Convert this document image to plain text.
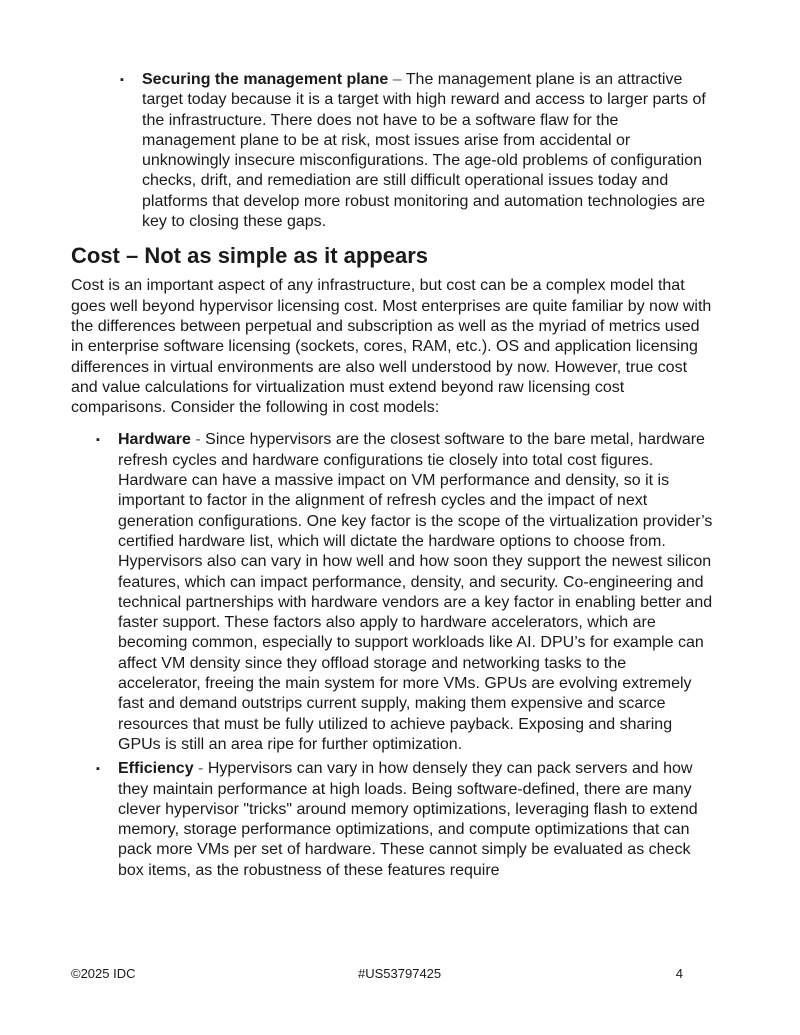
▪ Securing the management plane – The management plane is an attractive target today because it is a target with high reward and access to larger parts of the infrastructure. There does not have to be a software flaw for the management plane to be at risk, most issues arise from accidental or unknowingly insecure misconfigurations. The age-old problems of configuration checks, drift, and remediation are still difficult operational issues today and platforms that develop more robust monitoring and automation technologies are key to closing these gaps.
Cost – Not as simple as it appears

Cost is an important aspect of any infrastructure, but cost can be a complex model that goes well beyond hypervisor licensing cost. Most enterprises are quite familiar by now with the differences between perpetual and subscription as well as the myriad of metrics used in enterprise software licensing (sockets, cores, RAM, etc.). OS and application licensing differences in virtual environments are also well understood by now. However, true cost and value calculations for virtualization must extend beyond raw licensing cost comparisons. Consider the following in cost models:

▪ Hardware - Since hypervisors are the closest software to the bare metal, hardware refresh cycles and hardware configurations tie closely into total cost figures. Hardware can have a massive impact on VM performance and density, so it is important to factor in the alignment of refresh cycles and the impact of next generation configurations. One key factor is the scope of the virtualization provider’s certified hardware list, which will dictate the hardware options to choose from. Hypervisors also can vary in how well and how soon they support the newest silicon features, which can impact performance, density, and security. Co-engineering and technical partnerships with hardware vendors are a key factor in enabling better and faster support. These factors also apply to hardware accelerators, which are becoming common, especially to support workloads like AI. DPU’s for example can affect VM density since they offload storage and networking tasks to the accelerator, freeing the main system for more VMs. GPUs are evolving extremely fast and demand outstrips current supply, making them expensive and scarce resources that must be fully utilized to achieve payback. Exposing and sharing GPUs is still an area ripe for further optimization.
▪ Efficiency - Hypervisors can vary in how densely they can pack servers and how they maintain performance at high loads. Being software-defined, there are many clever hypervisor "tricks" around memory optimizations, leveraging flash to extend memory, storage performance optimizations, and compute optimizations that can pack more VMs per set of hardware. These cannot simply be evaluated as check box items, as the robustness of these features require
©2025 IDC	#US53797425	4
